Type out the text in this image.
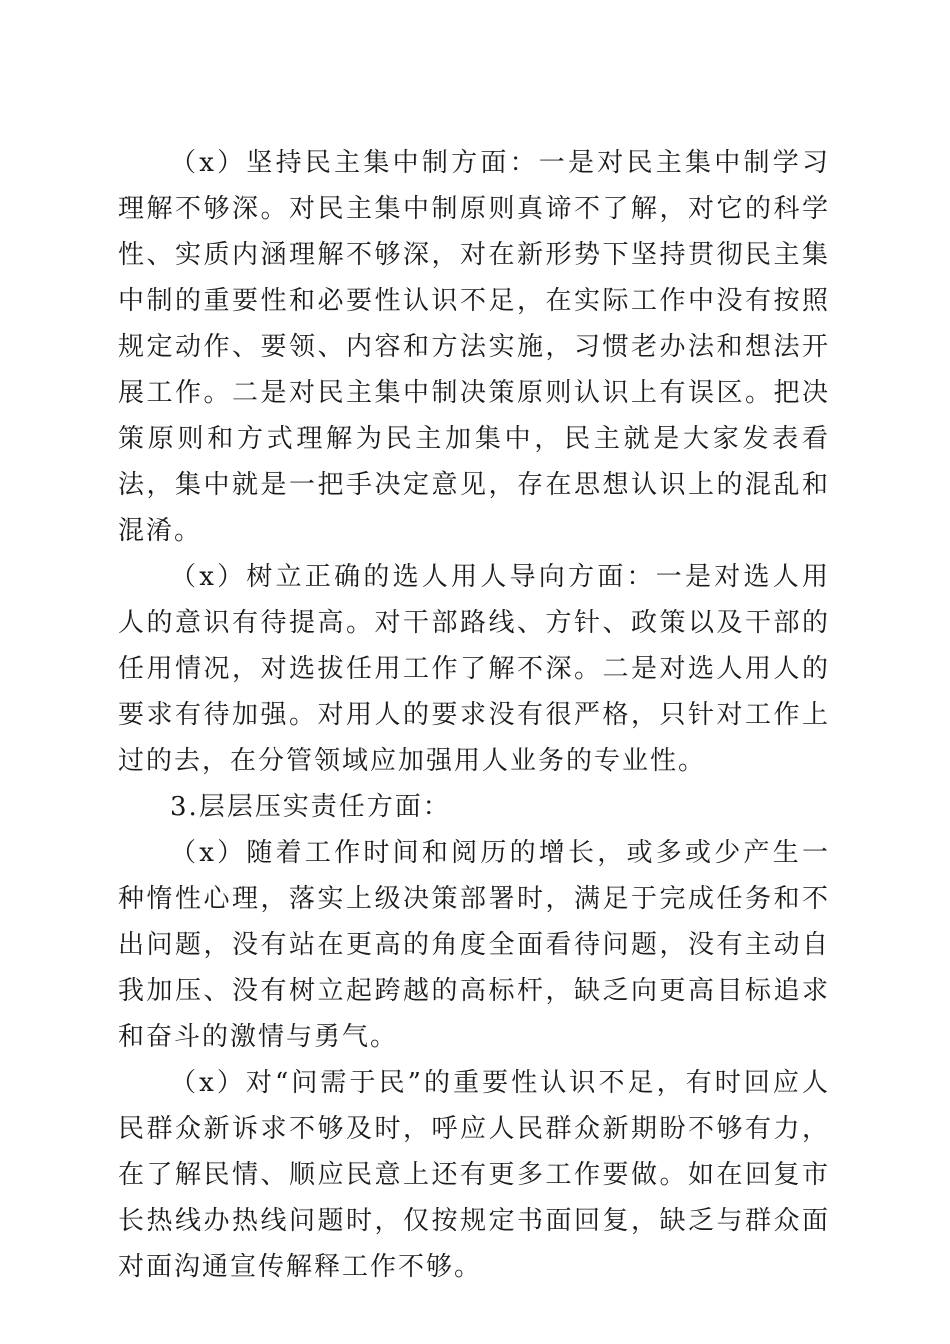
（x）坚持民主集中制方面：一是对民主集中制学习理解不够深。对民主集中制原则真谛不了解，对它的科学性、实质内涵理解不够深，对在新形势下坚持贯彻民主集中制的重要性和必要性认识不足，在实际工作中没有按照规定动作、要领、内容和方法实施，习惯老办法和想法开展工作。二是对民主集中制决策原则认识上有误区。把决策原则和方式理解为民主加集中，民主就是大家发表看法，集中就是一把手决定意见，存在思想认识上的混乱和混淆。

（x）树立正确的选人用人导向方面：一是对选人用人的意识有待提高。对干部路线、方针、政策以及干部的任用情况，对选拔任用工作了解不深。二是对选人用人的要求有待加强。对用人的要求没有很严格，只针对工作上过的去，在分管领域应加强用人业务的专业性。

3.层层压实责任方面：

（x）随着工作时间和阅历的增长，或多或少产生一种惰性心理，落实上级决策部署时，满足于完成任务和不出问题，没有站在更高的角度全面看待问题，没有主动自我加压、没有树立起跨越的高标杆，缺乏向更高目标追求和奋斗的激情与勇气。

（x）对“问需于民”的重要性认识不足，有时回应人民群众新诉求不够及时，呼应人民群众新期盼不够有力，在了解民情、顺应民意上还有更多工作要做。如在回复市长热线办热线问题时，仅按规定书面回复，缺乏与群众面对面沟通宣传解释工作不够。
